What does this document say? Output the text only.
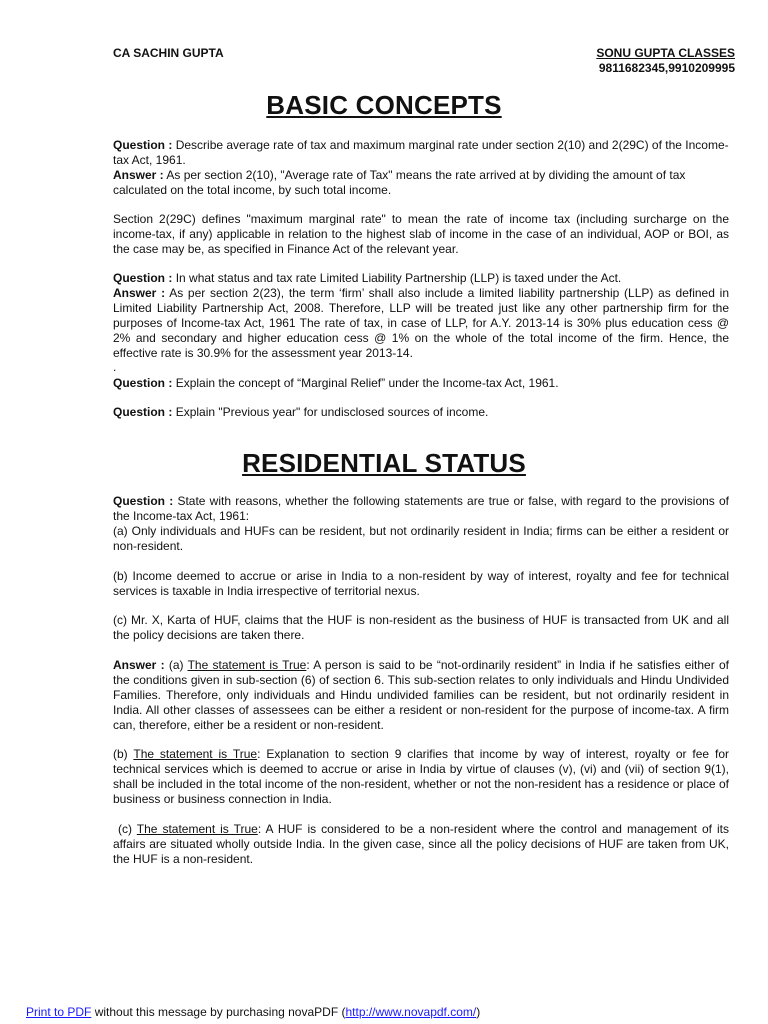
CA SACHIN GUPTA	SONU GUPTA CLASSES
9811682345,9910209995
BASIC CONCEPTS
Question : Describe average rate of tax and maximum marginal rate under section 2(10) and 2(29C) of the Income-tax Act, 1961.
Answer : As per section 2(10), "Average rate of Tax" means the rate arrived at by dividing the amount of tax calculated on the total income, by such total income.
Section 2(29C) defines "maximum marginal rate" to mean the rate of income tax (including surcharge on the income-tax, if any) applicable in relation to the highest slab of income in the case of an individual, AOP or BOI, as the case may be, as specified in Finance Act of the relevant year.
Question : In what status and tax rate Limited Liability Partnership (LLP) is taxed under the Act.
Answer : As per section 2(23), the term ‘firm’ shall also include a limited liability partnership (LLP) as defined in Limited Liability Partnership Act, 2008. Therefore, LLP will be treated just like any other partnership firm for the purposes of Income-tax Act, 1961 The rate of tax, in case of LLP, for A.Y. 2013-14 is 30% plus education cess @ 2% and secondary and higher education cess @ 1% on the whole of the total income of the firm. Hence, the effective rate is 30.9% for the assessment year 2013-14.
.
Question : Explain the concept of “Marginal Relief” under the Income-tax Act, 1961.
Question : Explain "Previous year" for undisclosed sources of income.
RESIDENTIAL STATUS
Question : State with reasons, whether the following statements are true or false, with regard to the provisions of the Income-tax Act, 1961:
(a) Only individuals and HUFs can be resident, but not ordinarily resident in India; firms can be either a resident or non-resident.
(b) Income deemed to accrue or arise in India to a non-resident by way of interest, royalty and fee for technical services is taxable in India irrespective of territorial nexus.
(c) Mr. X, Karta of HUF, claims that the HUF is non-resident as the business of HUF is transacted from UK and all the policy decisions are taken there.
Answer : (a) The statement is True: A person is said to be “not-ordinarily resident” in India if he satisfies either of the conditions given in sub-section (6) of section 6. This sub-section relates to only individuals and Hindu Undivided Families. Therefore, only individuals and Hindu undivided families can be resident, but not ordinarily resident in India. All other classes of assessees can be either a resident or non-resident for the purpose of income-tax. A firm can, therefore, either be a resident or non-resident.
(b) The statement is True: Explanation to section 9 clarifies that income by way of interest, royalty or fee for technical services which is deemed to accrue or arise in India by virtue of clauses (v), (vi) and (vii) of section 9(1), shall be included in the total income of the non-resident, whether or not the non-resident has a residence or place of business or business connection in India.
(c) The statement is True: A HUF is considered to be a non-resident where the control and management of its affairs are situated wholly outside India. In the given case, since all the policy decisions of HUF are taken from UK, the HUF is a non-resident.
Print to PDF without this message by purchasing novaPDF (http://www.novapdf.com/)
